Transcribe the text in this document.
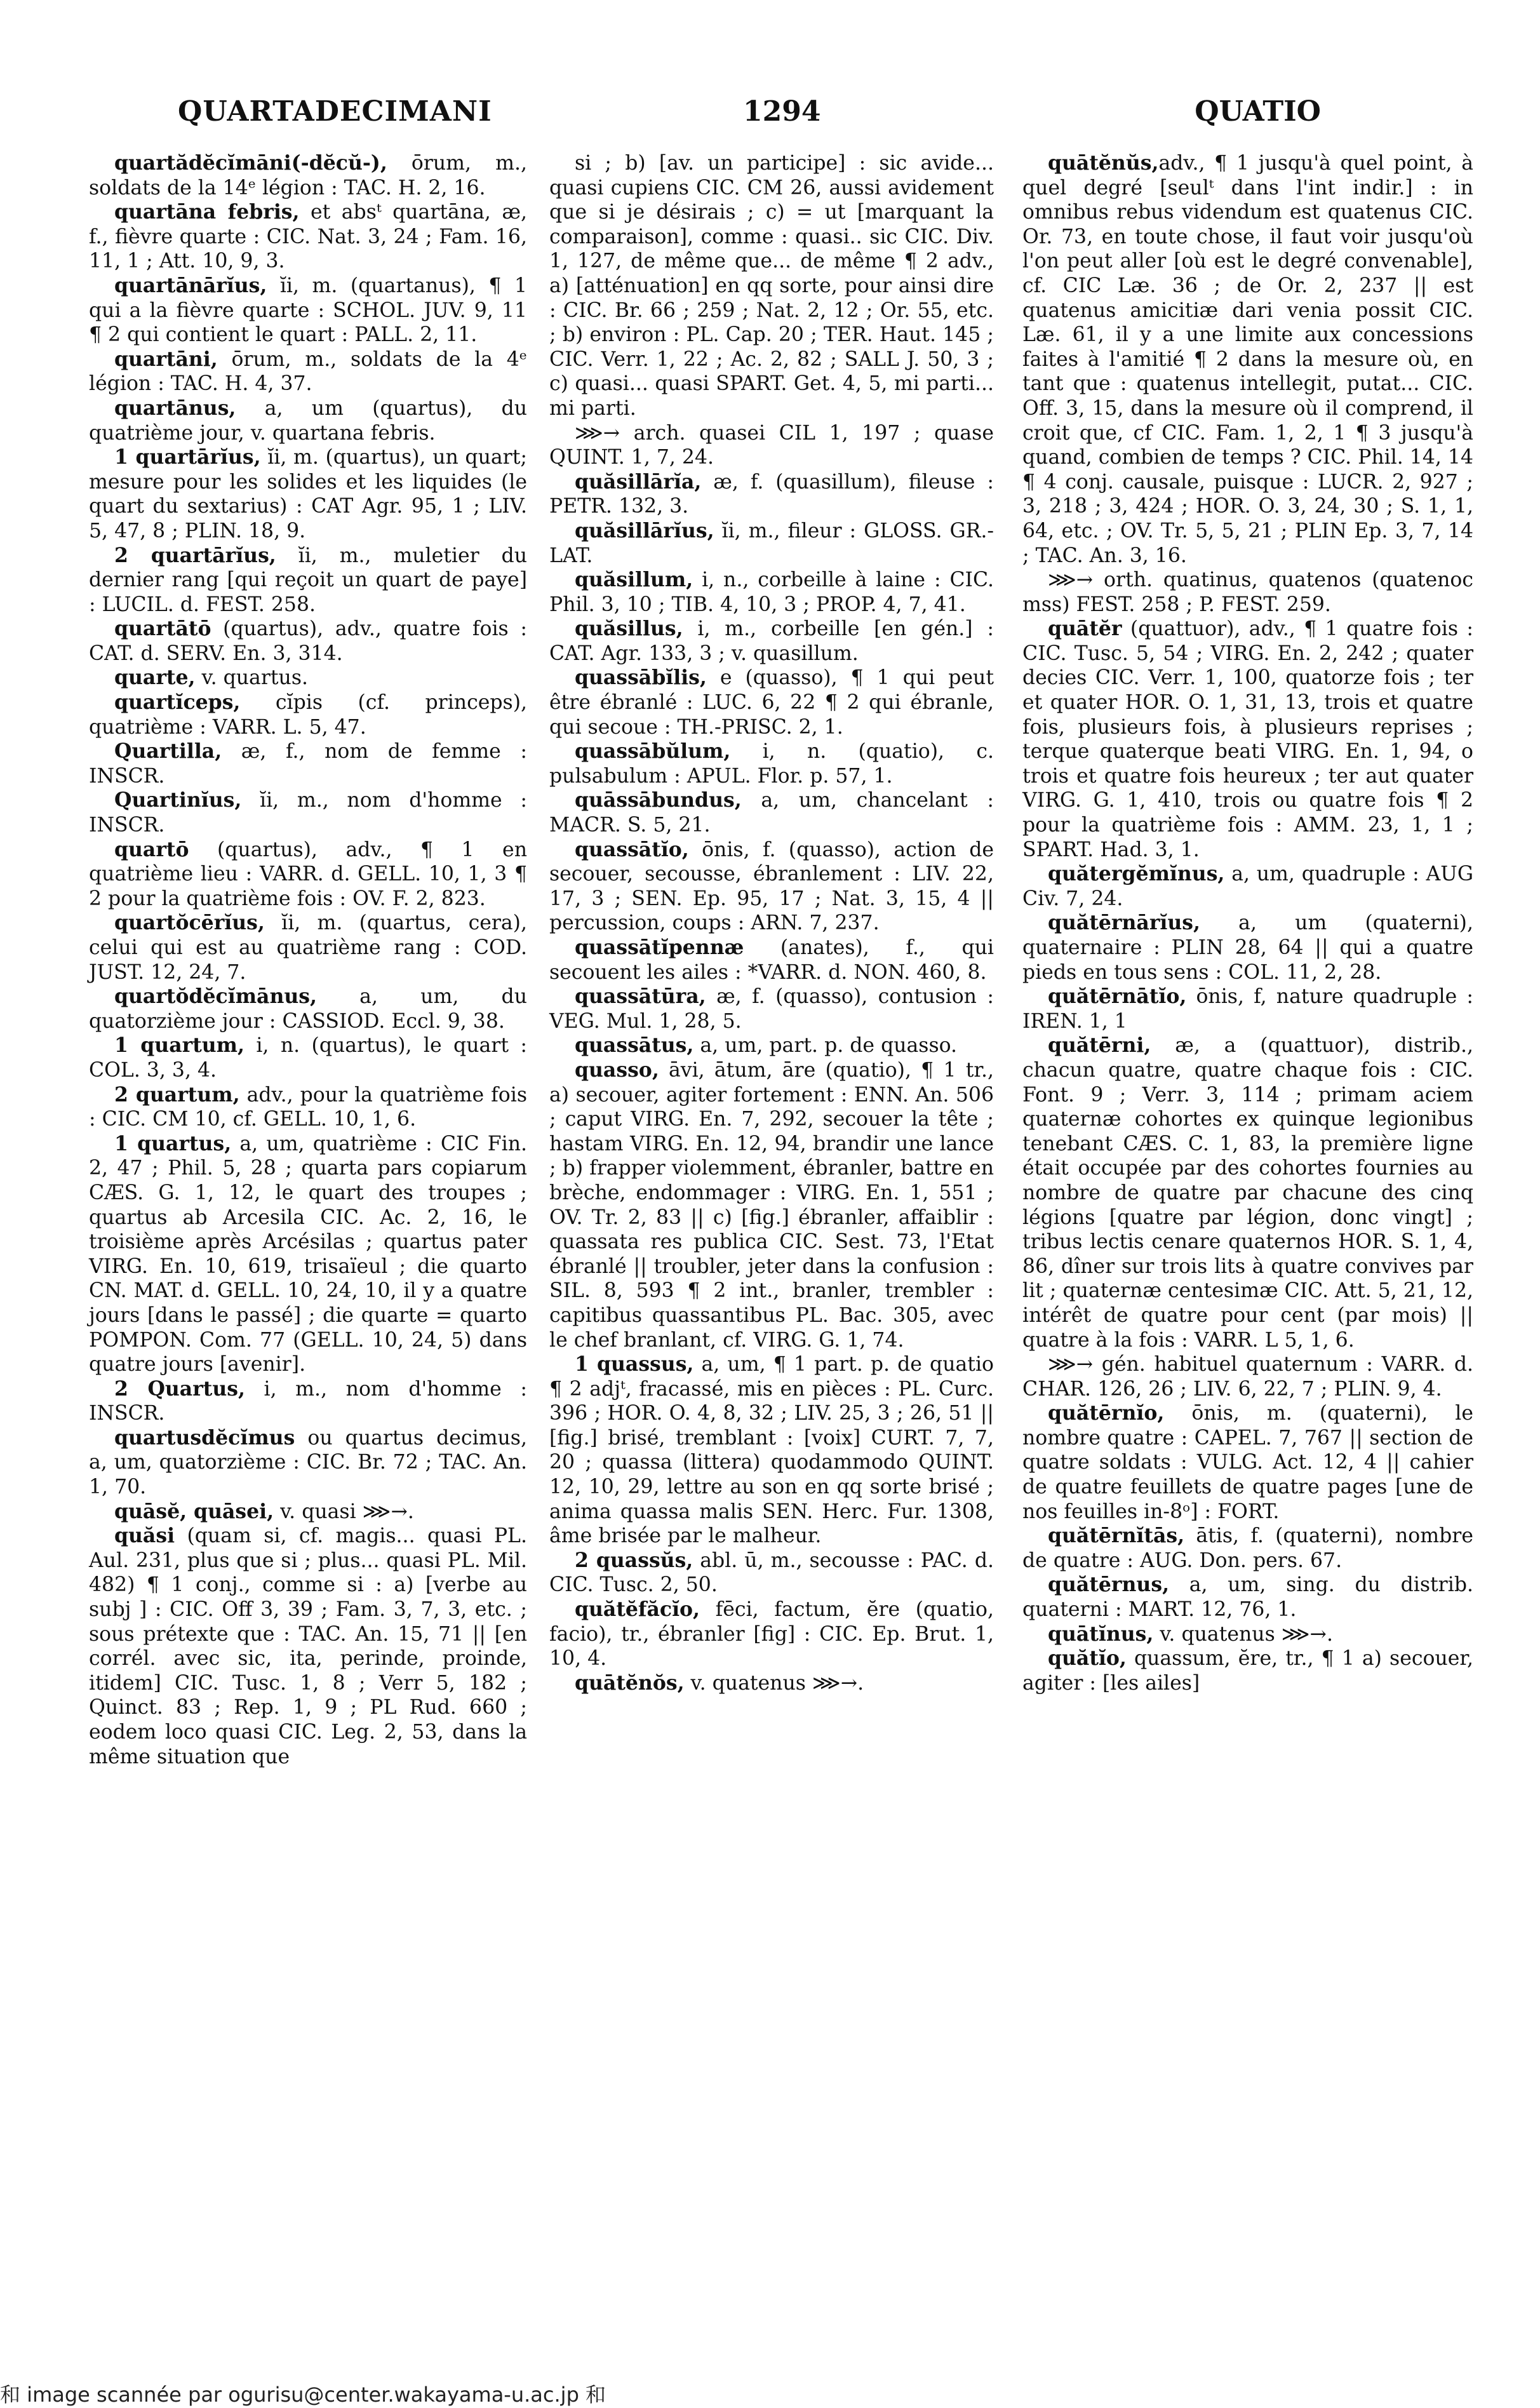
QUARTADECIMANI	1294	QUATIO

quartădĕcĭmāni(-dĕcŭ-), ōrum, m., soldats de la 14ᵉ légion : TAC. H. 2, 16.

quartāna febris, et absᵗ quartāna, æ, f., fièvre quarte : CIC. Nat. 3, 24 ; Fam. 16, 11, 1 ; Att. 10, 9, 3.

quartānārĭus, ĭi, m. (quartanus), ¶ 1 qui a la fièvre quarte : SCHOL. JUV. 9, 11 ¶ 2 qui contient le quart : PALL. 2, 11.

quartāni, ōrum, m., soldats de la 4ᵉ légion : TAC. H. 4, 37.

quartānus, a, um (quartus), du quatrième jour, v. quartana febris.

1 quartārĭus, ĭi, m. (quartus), un quart; mesure pour les solides et les liquides (le quart du sextarius) : CAT Agr. 95, 1 ; LIV. 5, 47, 8 ; PLIN. 18, 9.

2 quartārĭus, ĭi, m., muletier du dernier rang [qui reçoit un quart de paye] : LUCIL. d. FEST. 258.

quartātō (quartus), adv., quatre fois : CAT. d. SERV. En. 3, 314.

quarte, v. quartus.

quartĭceps, cĭpis (cf. princeps), quatrième : VARR. L. 5, 47.

Quartilla, æ, f., nom de femme : INSCR.

Quartinĭus, ĭi, m., nom d'homme : INSCR.

quartō (quartus), adv., ¶ 1 en quatrième lieu : VARR. d. GELL. 10, 1, 3 ¶ 2 pour la quatrième fois : OV. F. 2, 823.

quartŏcērĭus, ĭi, m. (quartus, cera), celui qui est au quatrième rang : COD. JUST. 12, 24, 7.

quartŏdĕcĭmānus, a, um, du quatorzième jour : CASSIOD. Eccl. 9, 38.

1 quartum, i, n. (quartus), le quart : COL. 3, 3, 4.

2 quartum, adv., pour la quatrième fois : CIC. CM 10, cf. GELL. 10, 1, 6.

1 quartus, a, um, quatrième : CIC Fin. 2, 47 ; Phil. 5, 28 ; quarta pars copiarum CÆS. G. 1, 12, le quart des troupes ; quartus ab Arcesila CIC. Ac. 2, 16, le troisième après Arcésilas ; quartus pater VIRG. En. 10, 619, trisaïeul ; die quarto CN. MAT. d. GELL. 10, 24, 10, il y a quatre jours [dans le passé] ; die quarte = quarto POMPON. Com. 77 (GELL. 10, 24, 5) dans quatre jours [avenir].

2 Quartus, i, m., nom d'homme : INSCR.

quartusdĕcĭmus ou quartus decimus, a, um, quatorzième : CIC. Br. 72 ; TAC. An. 1, 70.

quāsĕ, quāsei, v. quasi ⋙→.

quăsi (quam si, cf. magis... quasi PL. Aul. 231, plus que si ; plus... quasi PL. Mil. 482) ¶ 1 conj., comme si : a) [verbe au subj ] : CIC. Off 3, 39 ; Fam. 3, 7, 3, etc. ; sous prétexte que : TAC. An. 15, 71 || [en corrél. avec sic, ita, perinde, proinde, itidem] CIC. Tusc. 1, 8 ; Verr 5, 182 ; Quinct. 83 ; Rep. 1, 9 ; PL Rud. 660 ; eodem loco quasi CIC. Leg. 2, 53, dans la même situation que

si ; b) [av. un participe] : sic avide... quasi cupiens CIC. CM 26, aussi avidement que si je désirais ; c) = ut [marquant la comparaison], comme : quasi.. sic CIC. Div. 1, 127, de même que... de même ¶ 2 adv., a) [atténuation] en qq sorte, pour ainsi dire : CIC. Br. 66 ; 259 ; Nat. 2, 12 ; Or. 55, etc. ; b) environ : PL. Cap. 20 ; TER. Haut. 145 ; CIC. Verr. 1, 22 ; Ac. 2, 82 ; SALL J. 50, 3 ; c) quasi... quasi SPART. Get. 4, 5, mi parti... mi parti.

⋙→ arch. quasei CIL 1, 197 ; quase QUINT. 1, 7, 24.

quăsillārĭa, æ, f. (quasillum), fileuse : PETR. 132, 3.

quăsillārĭus, ĭi, m., fileur : GLOSS. GR.-LAT.

quăsillum, i, n., corbeille à laine : CIC. Phil. 3, 10 ; TIB. 4, 10, 3 ; PROP. 4, 7, 41.

quăsillus, i, m., corbeille [en gén.] : CAT. Agr. 133, 3 ; v. quasillum.

quassābĭlis, e (quasso), ¶ 1 qui peut être ébranlé : LUC. 6, 22 ¶ 2 qui ébranle, qui secoue : TH.-PRISC. 2, 1.

quassābŭlum, i, n. (quatio), c. pulsabulum : APUL. Flor. p. 57, 1.

quāssābundus, a, um, chancelant : MACR. S. 5, 21.

quassātĭo, ōnis, f. (quasso), action de secouer, secousse, ébranlement : LIV. 22, 17, 3 ; SEN. Ep. 95, 17 ; Nat. 3, 15, 4 || percussion, coups : ARN. 7, 237.

quassātĭpennæ (anates), f., qui secouent les ailes : *VARR. d. NON. 460, 8.

quassātūra, æ, f. (quasso), contusion : VEG. Mul. 1, 28, 5.

quassātus, a, um, part. p. de quasso.

quasso, āvi, ātum, āre (quatio), ¶ 1 tr., a) secouer, agiter fortement : ENN. An. 506 ; caput VIRG. En. 7, 292, secouer la tête ; hastam VIRG. En. 12, 94, brandir une lance ; b) frapper violemment, ébranler, battre en brèche, endommager : VIRG. En. 1, 551 ; OV. Tr. 2, 83 || c) [fig.] ébranler, affaiblir : quassata res publica CIC. Sest. 73, l'Etat ébranlé || troubler, jeter dans la confusion : SIL. 8, 593 ¶ 2 int., branler, trembler : capitibus quassantibus PL. Bac. 305, avec le chef branlant, cf. VIRG. G. 1, 74.

1 quassus, a, um, ¶ 1 part. p. de quatio ¶ 2 adjᵗ, fracassé, mis en pièces : PL. Curc. 396 ; HOR. O. 4, 8, 32 ; LIV. 25, 3 ; 26, 51 || [fig.] brisé, tremblant : [voix] CURT. 7, 7, 20 ; quassa (littera) quodammodo QUINT. 12, 10, 29, lettre au son en qq sorte brisé ; anima quassa malis SEN. Herc. Fur. 1308, âme brisée par le malheur.

2 quassŭs, abl. ū, m., secousse : PAC. d. CIC. Tusc. 2, 50.

quătĕfăcĭo, fēci, factum, ĕre (quatio, facio), tr., ébranler [fig] : CIC. Ep. Brut. 1, 10, 4.

quātĕnŏs, v. quatenus ⋙→.

quātĕnŭs,adv., ¶ 1 jusqu'à quel point, à quel degré [seulᵗ dans l'int indir.] : in omnibus rebus videndum est quatenus CIC. Or. 73, en toute chose, il faut voir jusqu'où l'on peut aller [où est le degré convenable], cf. CIC Læ. 36 ; de Or. 2, 237 || est quatenus amicitiæ dari venia possit CIC. Læ. 61, il y a une limite aux concessions faites à l'amitié ¶ 2 dans la mesure où, en tant que : quatenus intellegit, putat... CIC. Off. 3, 15, dans la mesure où il comprend, il croit que, cf CIC. Fam. 1, 2, 1 ¶ 3 jusqu'à quand, combien de temps ? CIC. Phil. 14, 14 ¶ 4 conj. causale, puisque : LUCR. 2, 927 ; 3, 218 ; 3, 424 ; HOR. O. 3, 24, 30 ; S. 1, 1, 64, etc. ; OV. Tr. 5, 5, 21 ; PLIN Ep. 3, 7, 14 ; TAC. An. 3, 16.

⋙→ orth. quatinus, quatenos (quatenoc mss) FEST. 258 ; P. FEST. 259.

quātĕr (quattuor), adv., ¶ 1 quatre fois : CIC. Tusc. 5, 54 ; VIRG. En. 2, 242 ; quater decies CIC. Verr. 1, 100, quatorze fois ; ter et quater HOR. O. 1, 31, 13, trois et quatre fois, plusieurs fois, à plusieurs reprises ; terque quaterque beati VIRG. En. 1, 94, o trois et quatre fois heureux ; ter aut quater VIRG. G. 1, 410, trois ou quatre fois ¶ 2 pour la quatrième fois : AMM. 23, 1, 1 ; SPART. Had. 3, 1.

quătergĕmĭnus, a, um, quadruple : AUG Civ. 7, 24.

quătērnārĭus, a, um (quaterni), quaternaire : PLIN 28, 64 || qui a quatre pieds en tous sens : COL. 11, 2, 28.

quătērnātĭo, ōnis, f, nature quadruple : IREN. 1, 1

quătērni, æ, a (quattuor), distrib., chacun quatre, quatre chaque fois : CIC. Font. 9 ; Verr. 3, 114 ; primam aciem quaternæ cohortes ex quinque legionibus tenebant CÆS. C. 1, 83, la première ligne était occupée par des cohortes fournies au nombre de quatre par chacune des cinq légions [quatre par légion, donc vingt] ; tribus lectis cenare quaternos HOR. S. 1, 4, 86, dîner sur trois lits à quatre convives par lit ; quaternæ centesimæ CIC. Att. 5, 21, 12, intérêt de quatre pour cent (par mois) || quatre à la fois : VARR. L 5, 1, 6.

⋙→ gén. habituel quaternum : VARR. d. CHAR. 126, 26 ; LIV. 6, 22, 7 ; PLIN. 9, 4.

quătērnĭo, ōnis, m. (quaterni), le nombre quatre : CAPEL. 7, 767 || section de quatre soldats : VULG. Act. 12, 4 || cahier de quatre feuillets de quatre pages [une de nos feuilles in-8ᵒ] : FORT.

quătērnĭtās, ātis, f. (quaterni), nombre de quatre : AUG. Don. pers. 67.

quătērnus, a, um, sing. du distrib. quaterni : MART. 12, 76, 1.

quātĭnus, v. quatenus ⋙→.

quătĭo, quassum, ĕre, tr., ¶ 1 a) secouer, agiter : [les ailes]

和 image scannée par ogurisu@center.wakayama-u.ac.jp 和
